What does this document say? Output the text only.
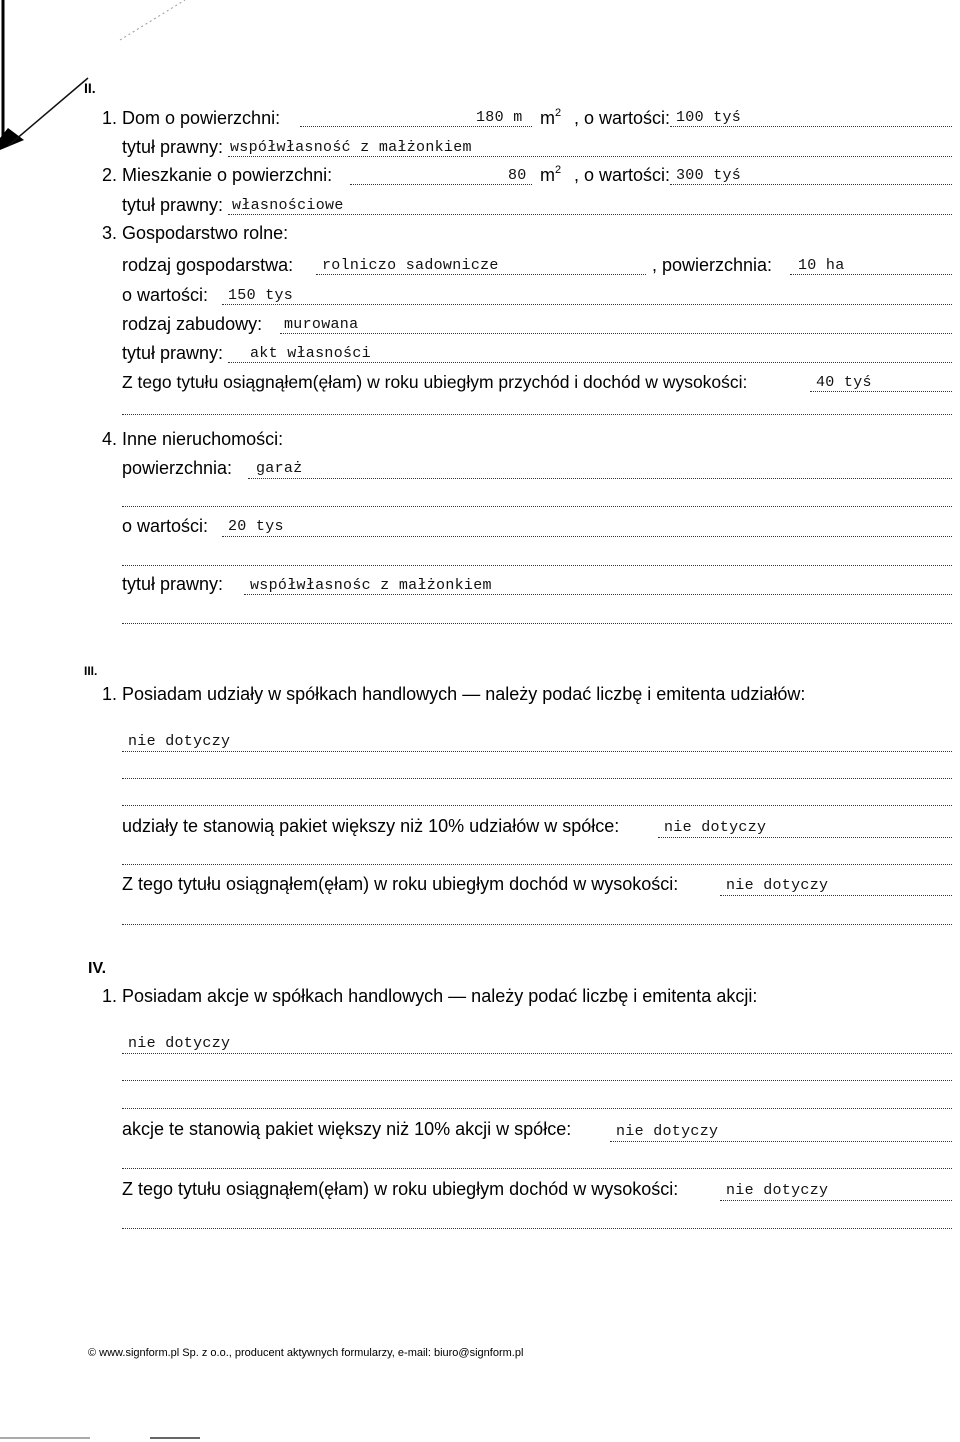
II.
1. Dom o powierzchni:	180 m $m^2$ , o wartości: 100 tyś
tytuł prawny: współwłasność z małżonkiem
2. Mieszkanie o powierzchni:	80 $m^2$ , o wartości: 300 tyś
tytuł prawny: własnościowe
3. Gospodarstwo rolne:
rodzaj gospodarstwa: rolniczo sadownicze	, powierzchnia: 10 ha
o wartości: 150 tys
rodzaj zabudowy: murowana
tytuł prawny: akt własności
Z tego tytułu osiągnąłem(ęłam) w roku ubiegłym przychód i dochód w wysokości:	40 tyś
4. Inne nieruchomości:
powierzchnia: garaż
o wartości: 20 tys
tytuł prawny: współwłasnośc z małżonkiem
III.
1. Posiadam udziały w spółkach handlowych — należy podać liczbę i emitenta udziałów:
nie dotyczy
udziały te stanowią pakiet większy niż 10% udziałów w spółce:	nie dotyczy
Z tego tytułu osiągnąłem(ęłam) w roku ubiegłym dochód w wysokości:	nie dotyczy
IV.
1. Posiadam akcje w spółkach handlowych — należy podać liczbę i emitenta akcji:
nie dotyczy
akcje te stanowią pakiet większy niż 10% akcji w spółce:	nie dotyczy
Z tego tytułu osiągnąłem(ęłam) w roku ubiegłym dochód w wysokości:	nie dotyczy
© www.signform.pl Sp. z o.o., producent aktywnych formularzy, e-mail: biuro@signform.pl
